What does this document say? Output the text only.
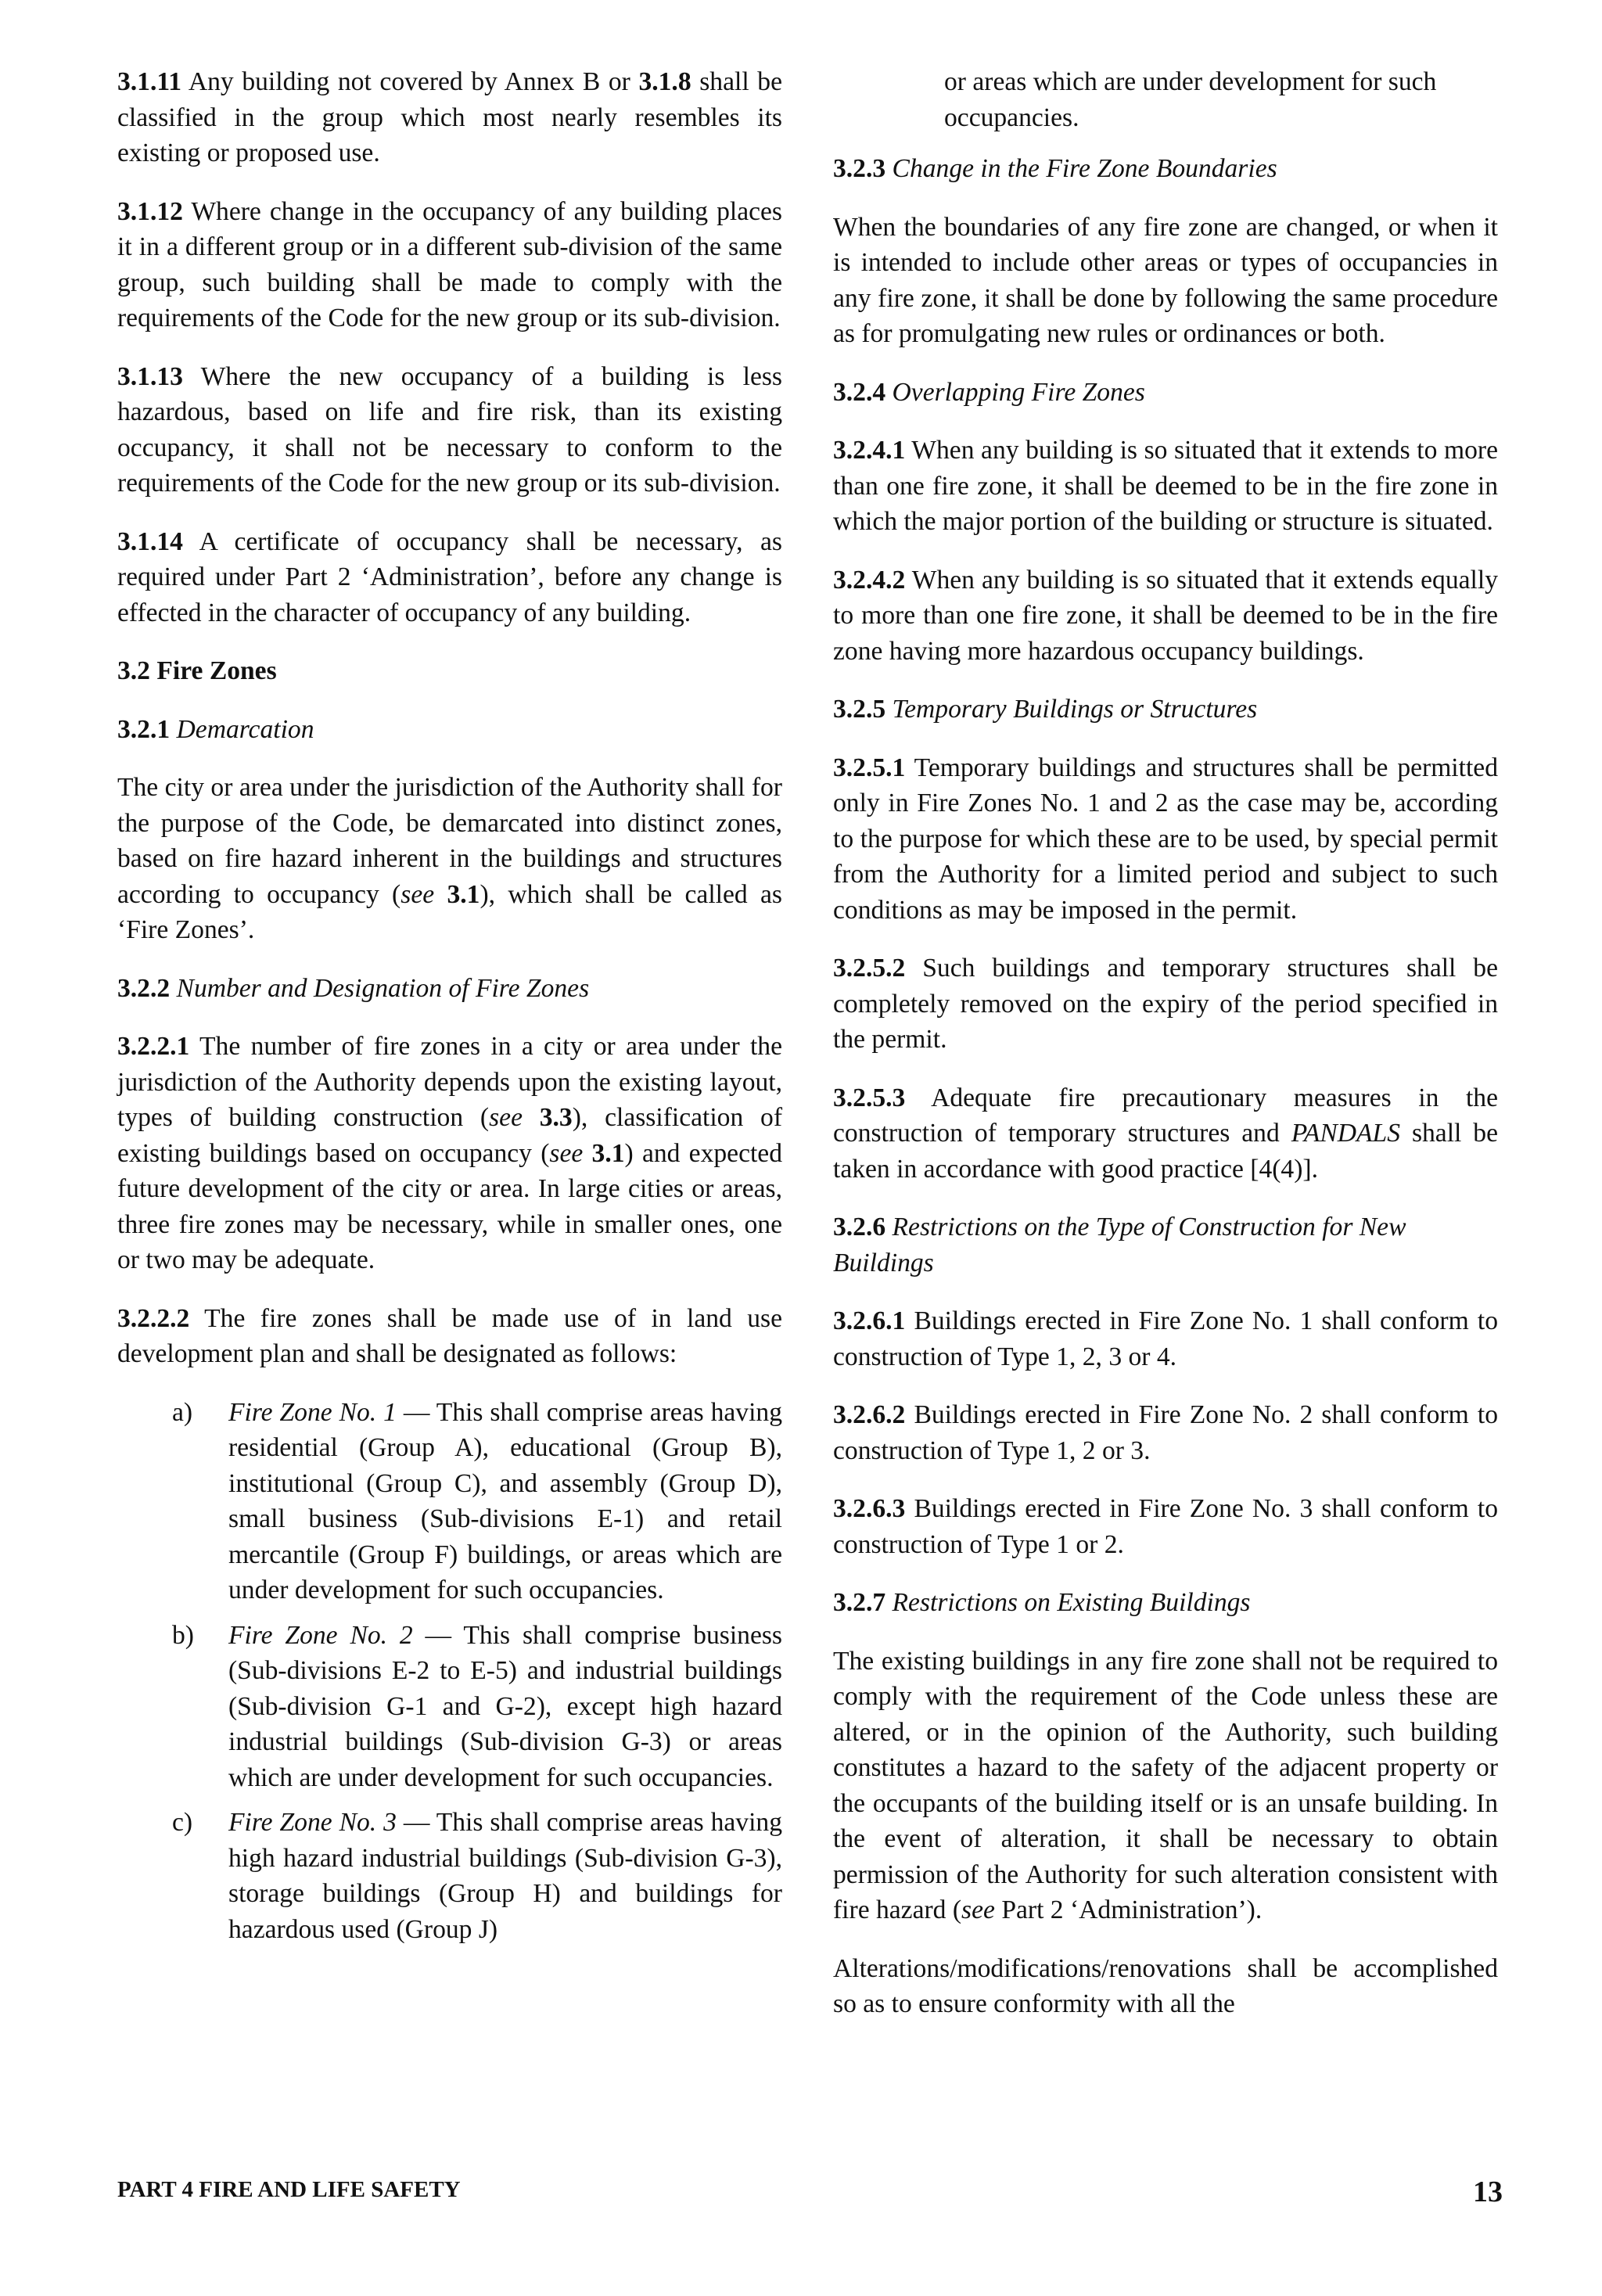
3.1.11 Any building not covered by Annex B or 3.1.8 shall be classified in the group which most nearly resembles its existing or proposed use.

3.1.12 Where change in the occupancy of any building places it in a different group or in a different sub-division of the same group, such building shall be made to comply with the requirements of the Code for the new group or its sub-division.

3.1.13 Where the new occupancy of a building is less hazardous, based on life and fire risk, than its existing occupancy, it shall not be necessary to conform to the requirements of the Code for the new group or its sub-division.

3.1.14 A certificate of occupancy shall be necessary, as required under Part 2 ‘Administration’, before any change is effected in the character of occupancy of any building.

3.2 Fire Zones

3.2.1 Demarcation

The city or area under the jurisdiction of the Authority shall for the purpose of the Code, be demarcated into distinct zones, based on fire hazard inherent in the buildings and structures according to occupancy (see 3.1), which shall be called as ‘Fire Zones’.

3.2.2 Number and Designation of Fire Zones

3.2.2.1 The number of fire zones in a city or area under the jurisdiction of the Authority depends upon the existing layout, types of building construction (see 3.3), classification of existing buildings based on occupancy (see 3.1) and expected future development of the city or area. In large cities or areas, three fire zones may be necessary, while in smaller ones, one or two may be adequate.

3.2.2.2 The fire zones shall be made use of in land use development plan and shall be designated as follows:

a) Fire Zone No. 1 — This shall comprise areas having residential (Group A), educational (Group B), institutional (Group C), and assembly (Group D), small business (Sub-divisions E-1) and retail mercantile (Group F) buildings, or areas which are under development for such occupancies.
b) Fire Zone No. 2 — This shall comprise business (Sub-divisions E-2 to E-5) and industrial buildings (Sub-division G-1 and G-2), except high hazard industrial buildings (Sub-division G-3) or areas which are under development for such occupancies.
c) Fire Zone No. 3 — This shall comprise areas having high hazard industrial buildings (Sub-division G-3), storage buildings (Group H) and buildings for hazardous used (Group J)

or areas which are under development for such occupancies.

3.2.3 Change in the Fire Zone Boundaries

When the boundaries of any fire zone are changed, or when it is intended to include other areas or types of occupancies in any fire zone, it shall be done by following the same procedure as for promulgating new rules or ordinances or both.

3.2.4 Overlapping Fire Zones

3.2.4.1 When any building is so situated that it extends to more than one fire zone, it shall be deemed to be in the fire zone in which the major portion of the building or structure is situated.

3.2.4.2 When any building is so situated that it extends equally to more than one fire zone, it shall be deemed to be in the fire zone having more hazardous occupancy buildings.

3.2.5 Temporary Buildings or Structures

3.2.5.1 Temporary buildings and structures shall be permitted only in Fire Zones No. 1 and 2 as the case may be, according to the purpose for which these are to be used, by special permit from the Authority for a limited period and subject to such conditions as may be imposed in the permit.

3.2.5.2 Such buildings and temporary structures shall be completely removed on the expiry of the period specified in the permit.

3.2.5.3 Adequate fire precautionary measures in the construction of temporary structures and PANDALS shall be taken in accordance with good practice [4(4)].

3.2.6 Restrictions on the Type of Construction for New Buildings

3.2.6.1 Buildings erected in Fire Zone No. 1 shall conform to construction of Type 1, 2, 3 or 4.

3.2.6.2 Buildings erected in Fire Zone No. 2 shall conform to construction of Type 1, 2 or 3.

3.2.6.3 Buildings erected in Fire Zone No. 3 shall conform to construction of Type 1 or 2.

3.2.7 Restrictions on Existing Buildings

The existing buildings in any fire zone shall not be required to comply with the requirement of the Code unless these are altered, or in the opinion of the Authority, such building constitutes a hazard to the safety of the adjacent property or the occupants of the building itself or is an unsafe building. In the event of alteration, it shall be necessary to obtain permission of the Authority for such alteration consistent with fire hazard (see Part 2 ‘Administration’).

Alterations/modifications/renovations shall be accomplished so as to ensure conformity with all the

PART 4 FIRE AND LIFE SAFETY	13
